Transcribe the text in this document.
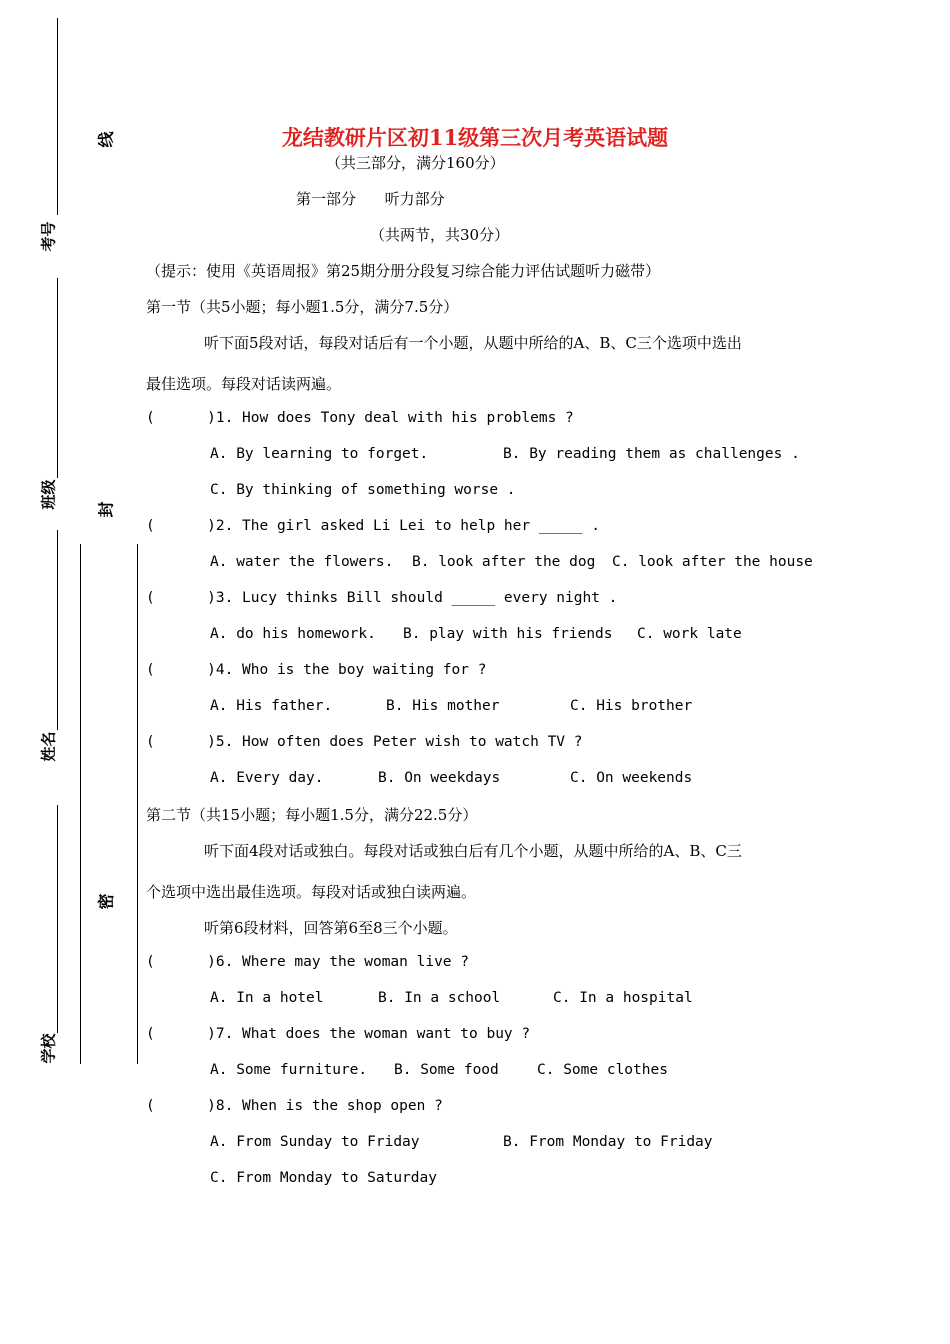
考号
班级
姓名
学校
线
封
密
龙结教研片区初11级第三次月考英语试题
（共三部分，满分160分）
第一部分      听力部分
（共两节，共30分）
（提示：使用《英语周报》第25期分册分段复习综合能力评估试题听力磁带）
第一节（共5小题；每小题1.5分，满分7.5分）
听下面5段对话，每段对话后有一个小题，从题中所给的A、B、C三个选项中选出
最佳选项。每段对话读两遍。
(      )1. How does Tony deal with his problems ?
A. By learning to forget.	B. By reading them as challenges .
C. By thinking of something worse .
(      )2. The girl asked Li Lei to help her _____ .
A. water the flowers. B. look after the dog C. look after the house
(      )3. Lucy thinks Bill should _____ every night .
A. do his homework. B. play with his friends C. work late
(      )4. Who is the boy waiting for ?
A. His father.	B. His mother	C. His brother
(      )5. How often does Peter wish to watch TV ?
A. Every day.	B. On weekdays	C. On weekends
第二节（共15小题；每小题1.5分，满分22.5分）
听下面4段对话或独白。每段对话或独白后有几个小题，从题中所给的A、B、C三
个选项中选出最佳选项。每段对话或独白读两遍。
听第6段材料，回答第6至8三个小题。
(      )6. Where may the woman live ?
A. In a hotel	B. In a school	C. In a hospital
(      )7. What does the woman want to buy ?
A. Some furniture. B. Some food	C. Some clothes
(      )8. When is the shop open ?
A. From Sunday to Friday	B. From Monday to Friday
C. From Monday to Saturday
